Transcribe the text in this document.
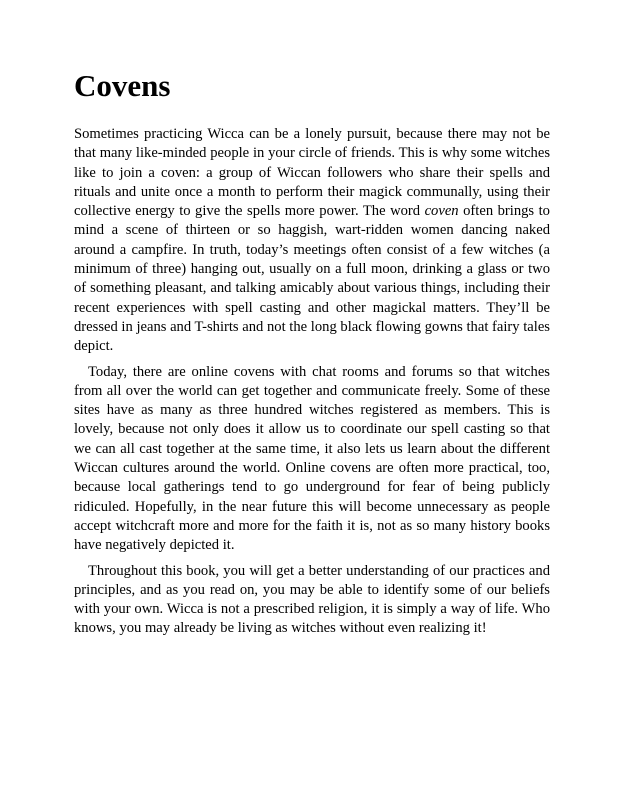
Covens

Sometimes practicing Wicca can be a lonely pursuit, because there may not be that many like-minded people in your circle of friends. This is why some witches like to join a coven: a group of Wiccan followers who share their spells and rituals and unite once a month to perform their magick communally, using their collective energy to give the spells more power. The word coven often brings to mind a scene of thirteen or so haggish, wart-ridden women dancing naked around a campfire. In truth, today’s meetings often consist of a few witches (a minimum of three) hanging out, usually on a full moon, drinking a glass or two of something pleasant, and talking amicably about various things, including their recent experiences with spell casting and other magickal matters. They’ll be dressed in jeans and T-shirts and not the long black flowing gowns that fairy tales depict.

Today, there are online covens with chat rooms and forums so that witches from all over the world can get together and communicate freely. Some of these sites have as many as three hundred witches registered as members. This is lovely, because not only does it allow us to coordinate our spell casting so that we can all cast together at the same time, it also lets us learn about the different Wiccan cultures around the world. Online covens are often more practical, too, because local gatherings tend to go underground for fear of being publicly ridiculed. Hopefully, in the near future this will become unnecessary as people accept witchcraft more and more for the faith it is, not as so many history books have negatively depicted it.

Throughout this book, you will get a better understanding of our practices and principles, and as you read on, you may be able to identify some of our beliefs with your own. Wicca is not a prescribed religion, it is simply a way of life. Who knows, you may already be living as witches without even realizing it!
